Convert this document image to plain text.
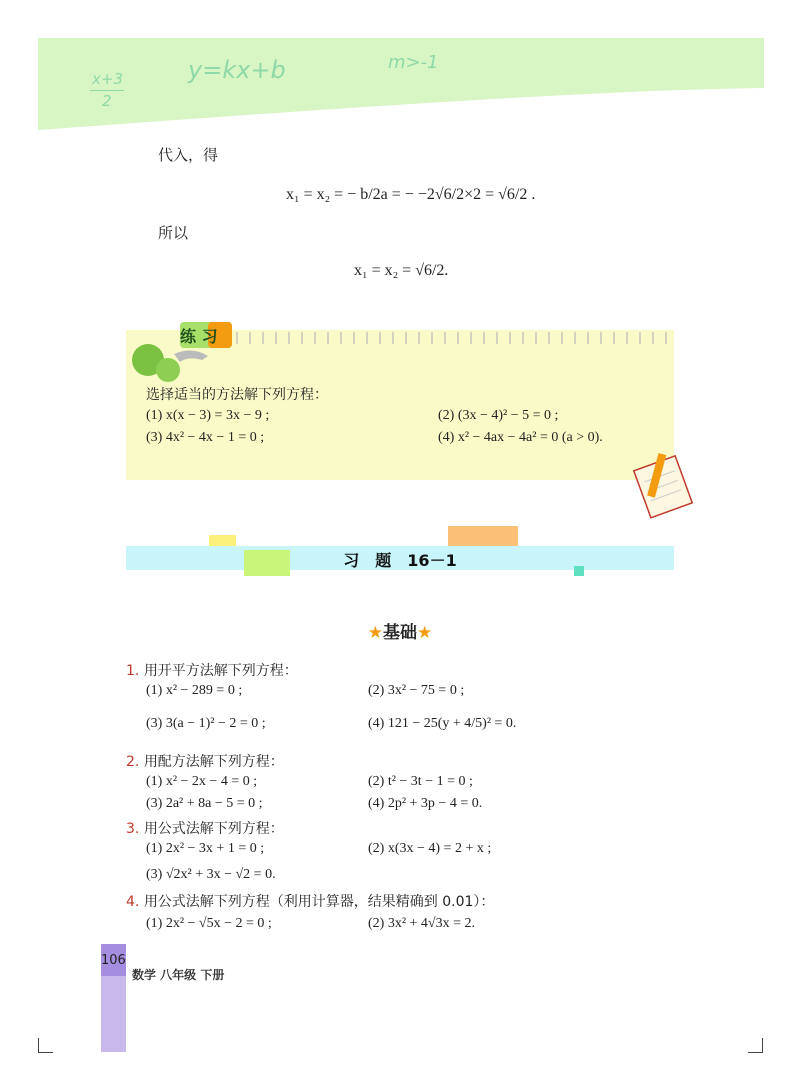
x+3
2
y=kx+b	m>-1
代入，得
x₁ = x₂ = − b/2a = − −2√6/2×2 = √6/2 .
所以
x₁ = x₂ = √6/2.
练 习
选择适当的方法解下列方程：
(1) x(x − 3) = 3x − 9 ;	(2) (3x − 4)² − 5 = 0 ;
(3) 4x² − 4x − 1 = 0 ;	(4) x² − 4ax − 4a² = 0 (a > 0).
习　题　16－1
★基础★
1. 用开平方法解下列方程：
(1) x² − 289 = 0 ;	(2) 3x² − 75 = 0 ;
(3) 3(a − 1)² − 2 = 0 ;	(4) 121 − 25(y + 4/5)² = 0.
2. 用配方法解下列方程：
(1) x² − 2x − 4 = 0 ;	(2) t² − 3t − 1 = 0 ;
(3) 2a² + 8a − 5 = 0 ;	(4) 2p² + 3p − 4 = 0.
3. 用公式法解下列方程：
(1) 2x² − 3x + 1 = 0 ;	(2) x(3x − 4) = 2 + x ;
(3) √2x² + 3x − √2 = 0.
4. 用公式法解下列方程（利用计算器，结果精确到 0.01）：
(1) 2x² − √5x − 2 = 0 ;	(2) 3x² + 4√3x = 2.
106
数学 八年级 下册
